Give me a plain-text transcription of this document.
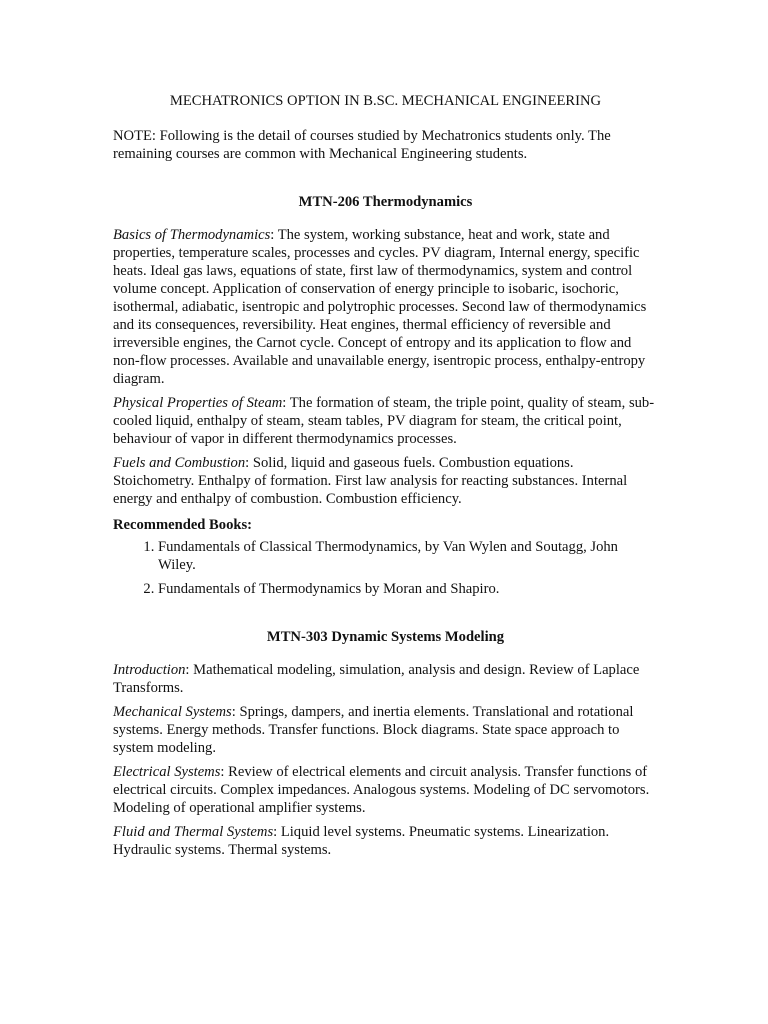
MECHATRONICS OPTION IN B.SC. MECHANICAL ENGINEERING

NOTE: Following is the detail of courses studied by Mechatronics students only. The remaining courses are common with Mechanical Engineering students.

MTN-206 Thermodynamics

Basics of Thermodynamics: The system, working substance, heat and work, state and properties, temperature scales, processes and cycles. PV diagram, Internal energy, specific heats. Ideal gas laws, equations of state, first law of thermodynamics, system and control volume concept. Application of conservation of energy principle to isobaric, isochoric, isothermal, adiabatic, isentropic and polytrophic processes. Second law of thermodynamics and its consequences, reversibility. Heat engines, thermal efficiency of reversible and irreversible engines, the Carnot cycle. Concept of entropy and its application to flow and non-flow processes. Available and unavailable energy, isentropic process, enthalpy-entropy diagram.

Physical Properties of Steam: The formation of steam, the triple point, quality of steam, sub-cooled liquid, enthalpy of steam, steam tables, PV diagram for steam, the critical point, behaviour of vapor in different thermodynamics processes.

Fuels and Combustion: Solid, liquid and gaseous fuels. Combustion equations. Stoichometry. Enthalpy of formation. First law analysis for reacting substances. Internal energy and enthalpy of combustion. Combustion efficiency.

Recommended Books:

1. Fundamentals of Classical Thermodynamics, by Van Wylen and Soutagg, John Wiley.
2. Fundamentals of Thermodynamics by Moran and Shapiro.

MTN-303 Dynamic Systems Modeling

Introduction: Mathematical modeling, simulation, analysis and design. Review of Laplace Transforms.

Mechanical Systems: Springs, dampers, and inertia elements. Translational and rotational systems. Energy methods. Transfer functions. Block diagrams. State space approach to system modeling.

Electrical Systems: Review of electrical elements and circuit analysis. Transfer functions of electrical circuits. Complex impedances. Analogous systems. Modeling of DC servomotors. Modeling of operational amplifier systems.

Fluid and Thermal Systems: Liquid level systems. Pneumatic systems. Linearization. Hydraulic systems. Thermal systems.
